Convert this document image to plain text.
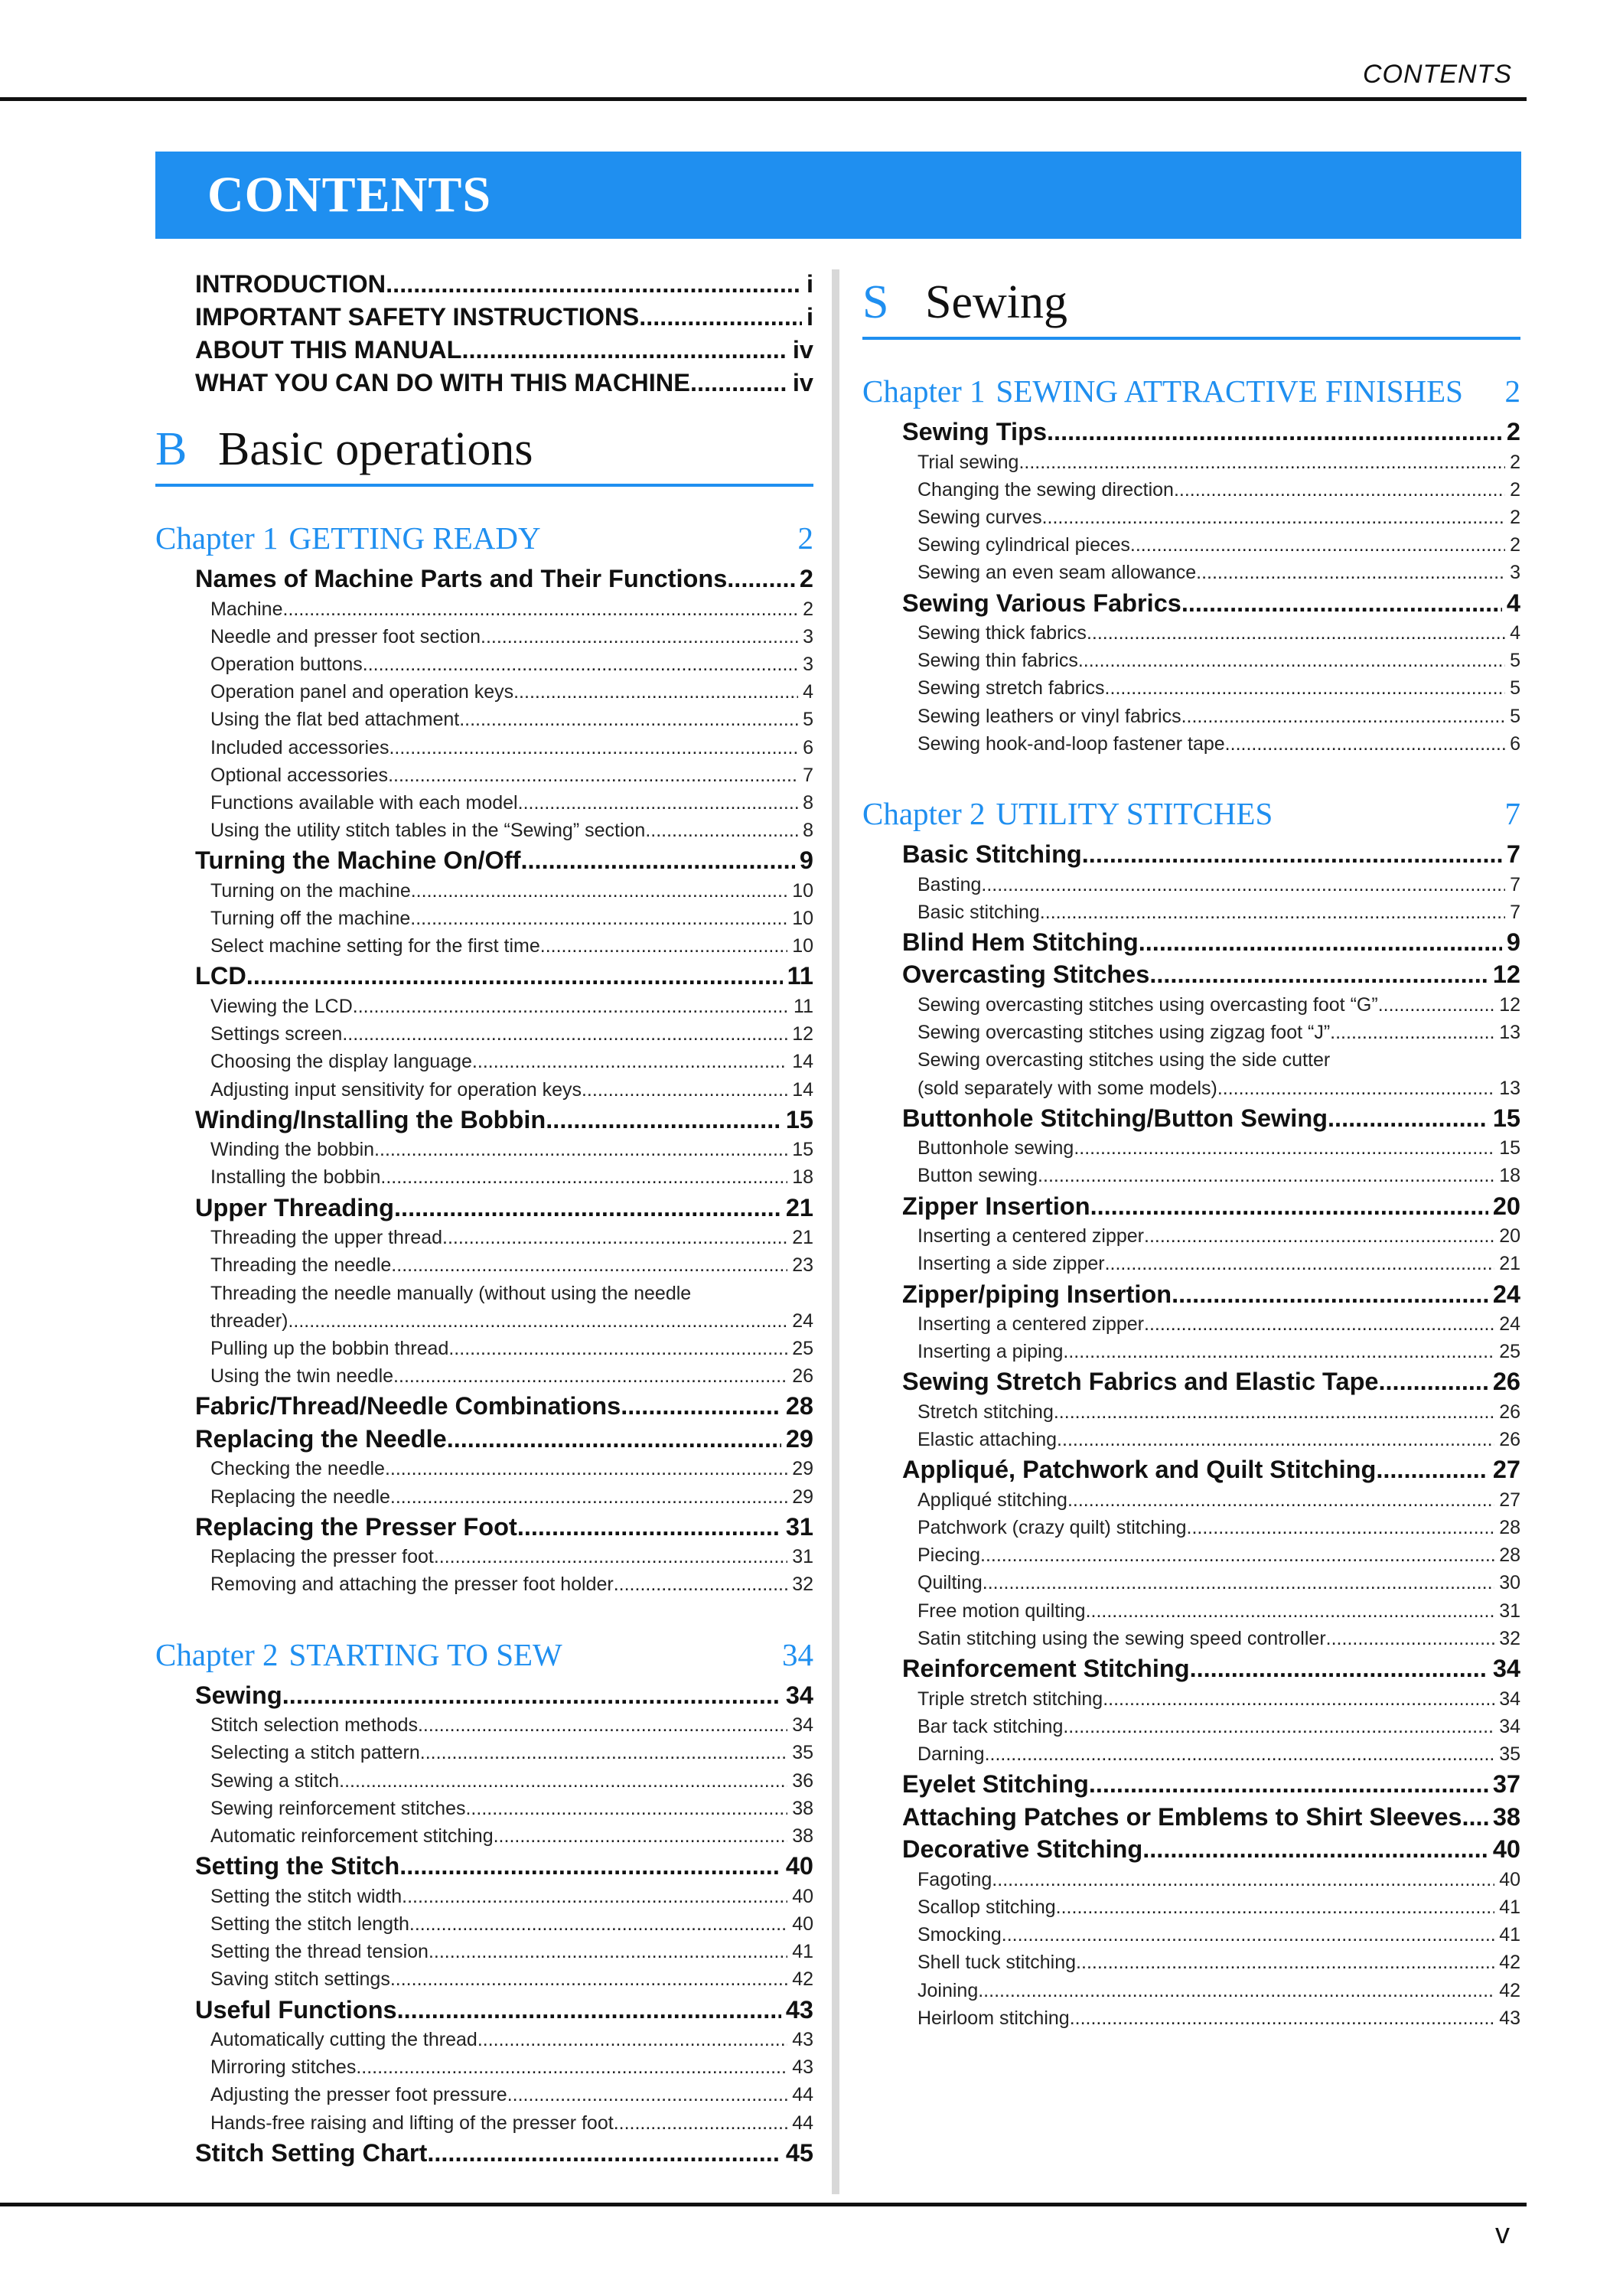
CONTENTS
CONTENTS
INTRODUCTION .....	i
IMPORTANT SAFETY INSTRUCTIONS .....	i
ABOUT THIS MANUAL .....	iv
WHAT YOU CAN DO WITH THIS MACHINE .....	iv
B Basic operations
Chapter 1 GETTING READY	2
Names of Machine Parts and Their Functions .....	2
Machine .....	2
Needle and presser foot section .....	3
Operation buttons .....	3
Operation panel and operation keys .....	4
Using the flat bed attachment .....	5
Included accessories .....	6
Optional accessories .....	7
Functions available with each model .....	8
Using the utility stitch tables in the “Sewing” section .....	8
Turning the Machine On/Off .....	9
Turning on the machine .....	10
Turning off the machine .....	10
Select machine setting for the first time .....	10
LCD .....	11
Viewing the LCD .....	11
Settings screen .....	12
Choosing the display language .....	14
Adjusting input sensitivity for operation keys .....	14
Winding/Installing the Bobbin .....	15
Winding the bobbin .....	15
Installing the bobbin .....	18
Upper Threading .....	21
Threading the upper thread .....	21
Threading the needle .....	23
Threading the needle manually (without using the needle
threader) .....	24
Pulling up the bobbin thread .....	25
Using the twin needle .....	26
Fabric/Thread/Needle Combinations .....	28
Replacing the Needle .....	29
Checking the needle .....	29
Replacing the needle .....	29
Replacing the Presser Foot .....	31
Replacing the presser foot .....	31
Removing and attaching the presser foot holder .....	32
Chapter 2 STARTING TO SEW	34
Sewing .....	34
Stitch selection methods .....	34
Selecting a stitch pattern .....	35
Sewing a stitch .....	36
Sewing reinforcement stitches .....	38
Automatic reinforcement stitching .....	38
Setting the Stitch .....	40
Setting the stitch width .....	40
Setting the stitch length .....	40
Setting the thread tension .....	41
Saving stitch settings .....	42
Useful Functions .....	43
Automatically cutting the thread .....	43
Mirroring stitches .....	43
Adjusting the presser foot pressure .....	44
Hands-free raising and lifting of the presser foot .....	44
Stitch Setting Chart .....	45
S Sewing
Chapter 1 SEWING ATTRACTIVE FINISHES 2
Sewing Tips .....	2
Trial sewing .....	2
Changing the sewing direction .....	2
Sewing curves .....	2
Sewing cylindrical pieces .....	2
Sewing an even seam allowance .....	3
Sewing Various Fabrics .....	4
Sewing thick fabrics .....	4
Sewing thin fabrics .....	5
Sewing stretch fabrics .....	5
Sewing leathers or vinyl fabrics .....	5
Sewing hook-and-loop fastener tape .....	6
Chapter 2 UTILITY STITCHES	7
Basic Stitching .....	7
Basting .....	7
Basic stitching .....	7
Blind Hem Stitching .....	9
Overcasting Stitches .....	12
Sewing overcasting stitches using overcasting foot “G” .....	12
Sewing overcasting stitches using zigzag foot “J” .....	13
Sewing overcasting stitches using the side cutter
(sold separately with some models) .....	13
Buttonhole Stitching/Button Sewing .....	15
Buttonhole sewing .....	15
Button sewing .....	18
Zipper Insertion .....	20
Inserting a centered zipper .....	20
Inserting a side zipper .....	21
Zipper/piping Insertion .....	24
Inserting a centered zipper .....	24
Inserting a piping .....	25
Sewing Stretch Fabrics and Elastic Tape .....	26
Stretch stitching .....	26
Elastic attaching .....	26
Appliqué, Patchwork and Quilt Stitching .....	27
Appliqué stitching .....	27
Patchwork (crazy quilt) stitching .....	28
Piecing .....	28
Quilting .....	30
Free motion quilting .....	31
Satin stitching using the sewing speed controller .....	32
Reinforcement Stitching .....	34
Triple stretch stitching .....	34
Bar tack stitching .....	34
Darning .....	35
Eyelet Stitching .....	37
Attaching Patches or Emblems to Shirt Sleeves ..... 38
Decorative Stitching .....	40
Fagoting .....	40
Scallop stitching .....	41
Smocking .....	41
Shell tuck stitching .....	42
Joining .....	42
Heirloom stitching .....	43
v
